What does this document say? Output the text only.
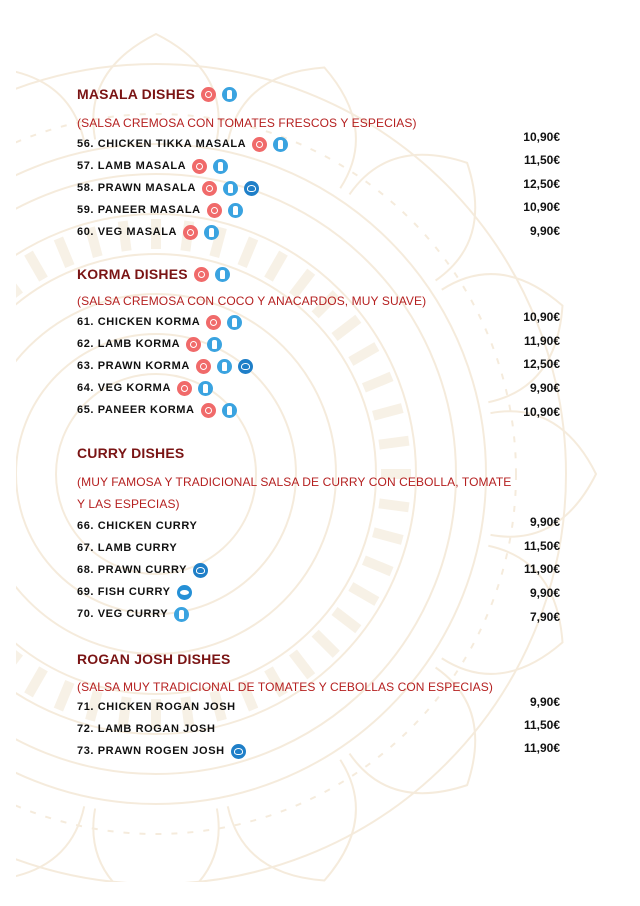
MASALA DISHES
(SALSA CREMOSA CON TOMATES FRESCOS Y ESPECIAS)
56. CHICKEN TIKKA MASALA	10,90€
57. LAMB MASALA	11,50€
58. PRAWN MASALA	12,50€
59. PANEER MASALA	10,90€
60. VEG MASALA	9,90€
KORMA DISHES
(SALSA CREMOSA CON COCO Y ANACARDOS, MUY SUAVE)
61. CHICKEN KORMA	10,90€
62. LAMB KORMA	11,90€
63. PRAWN KORMA	12,50€
64. VEG KORMA	9,90€
65. PANEER KORMA	10,90€
CURRY DISHES
(MUY FAMOSA Y TRADICIONAL SALSA DE CURRY CON CEBOLLA, TOMATE Y LAS ESPECIAS)
66. CHICKEN CURRY	9,90€
67. LAMB CURRY	11,50€
68. PRAWN CURRY	11,90€
69. FISH CURRY	9,90€
70. VEG CURRY	7,90€
ROGAN JOSH DISHES
(SALSA MUY TRADICIONAL DE TOMATES Y CEBOLLAS CON ESPECIAS)
71. CHICKEN ROGAN JOSH	9,90€
72. LAMB ROGAN JOSH	11,50€
73. PRAWN ROGEN JOSH	11,90€
